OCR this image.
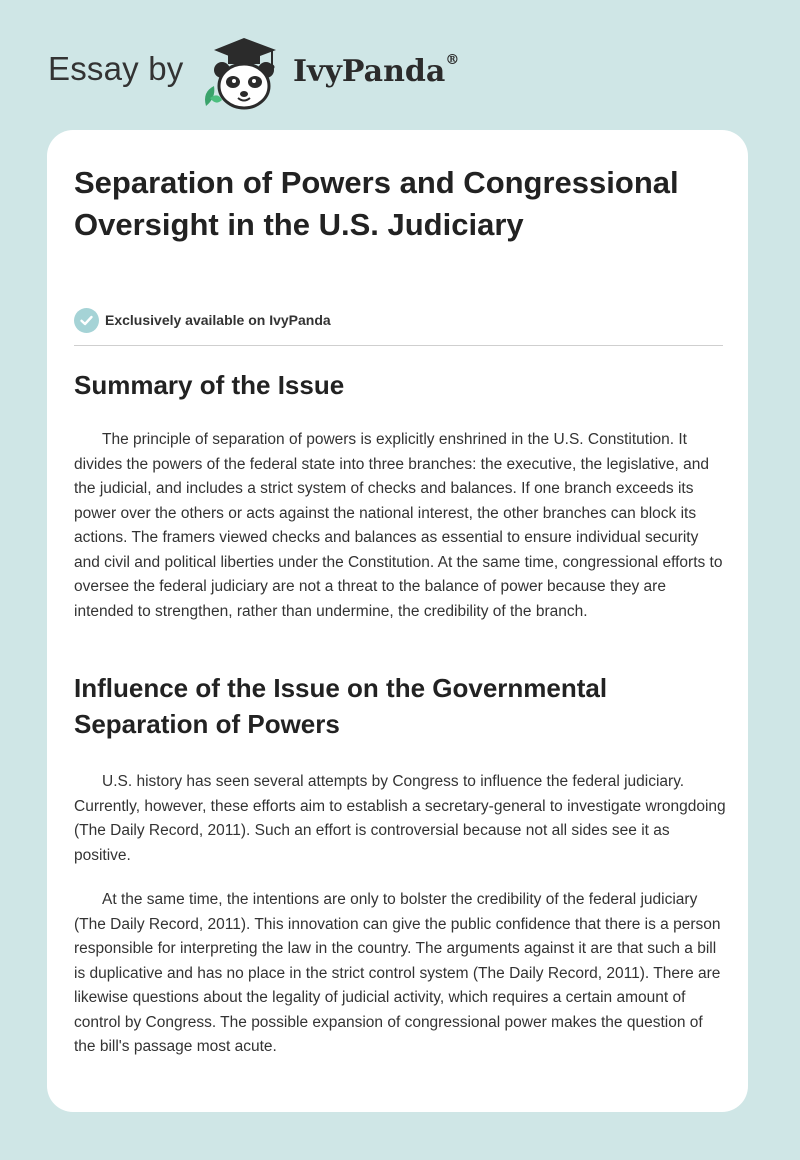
Essay by	IvyPanda®
Separation of Powers and Congressional Oversight in the U.S. Judiciary
Exclusively available on IvyPanda
Summary of the Issue

The principle of separation of powers is explicitly enshrined in the U.S. Constitution. It divides the powers of the federal state into three branches: the executive, the legislative, and the judicial, and includes a strict system of checks and balances. If one branch exceeds its power over the others or acts against the national interest, the other branches can block its actions. The framers viewed checks and balances as essential to ensure individual security and civil and political liberties under the Constitution. At the same time, congressional efforts to oversee the federal judiciary are not a threat to the balance of power because they are intended to strengthen, rather than undermine, the credibility of the branch.

Influence of the Issue on the Governmental Separation of Powers

U.S. history has seen several attempts by Congress to influence the federal judiciary. Currently, however, these efforts aim to establish a secretary-general to investigate wrongdoing (The Daily Record, 2011). Such an effort is controversial because not all sides see it as positive.

At the same time, the intentions are only to bolster the credibility of the federal judiciary (The Daily Record, 2011). This innovation can give the public confidence that there is a person responsible for interpreting the law in the country. The arguments against it are that such a bill is duplicative and has no place in the strict control system (The Daily Record, 2011). There are likewise questions about the legality of judicial activity, which requires a certain amount of control by Congress. The possible expansion of congressional power makes the question of the bill's passage most acute.
